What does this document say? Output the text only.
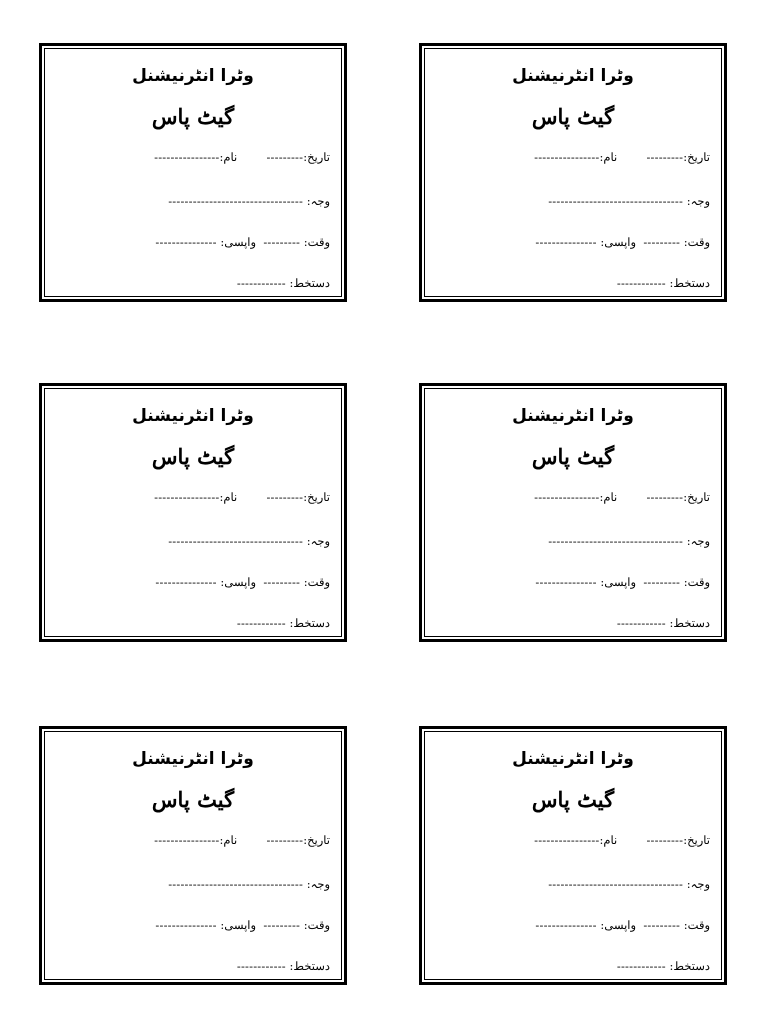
وٹرا انٹرنیشنل
گیٹ پاس
تاریخ:---------        نام:----------------
وجہ: ---------------------------------
وقت: ---------  واپسی: ---------------
دستخط: ------------
وٹرا انٹرنیشنل
گیٹ پاس
تاریخ:---------        نام:----------------
وجہ: ---------------------------------
وقت: ---------  واپسی: ---------------
دستخط: ------------
وٹرا انٹرنیشنل
گیٹ پاس
تاریخ:---------        نام:----------------
وجہ: ---------------------------------
وقت: ---------  واپسی: ---------------
دستخط: ------------
وٹرا انٹرنیشنل
گیٹ پاس
تاریخ:---------        نام:----------------
وجہ: ---------------------------------
وقت: ---------  واپسی: ---------------
دستخط: ------------
وٹرا انٹرنیشنل
گیٹ پاس
تاریخ:---------        نام:----------------
وجہ: ---------------------------------
وقت: ---------  واپسی: ---------------
دستخط: ------------
وٹرا انٹرنیشنل
گیٹ پاس
تاریخ:---------        نام:----------------
وجہ: ---------------------------------
وقت: ---------  واپسی: ---------------
دستخط: ------------
